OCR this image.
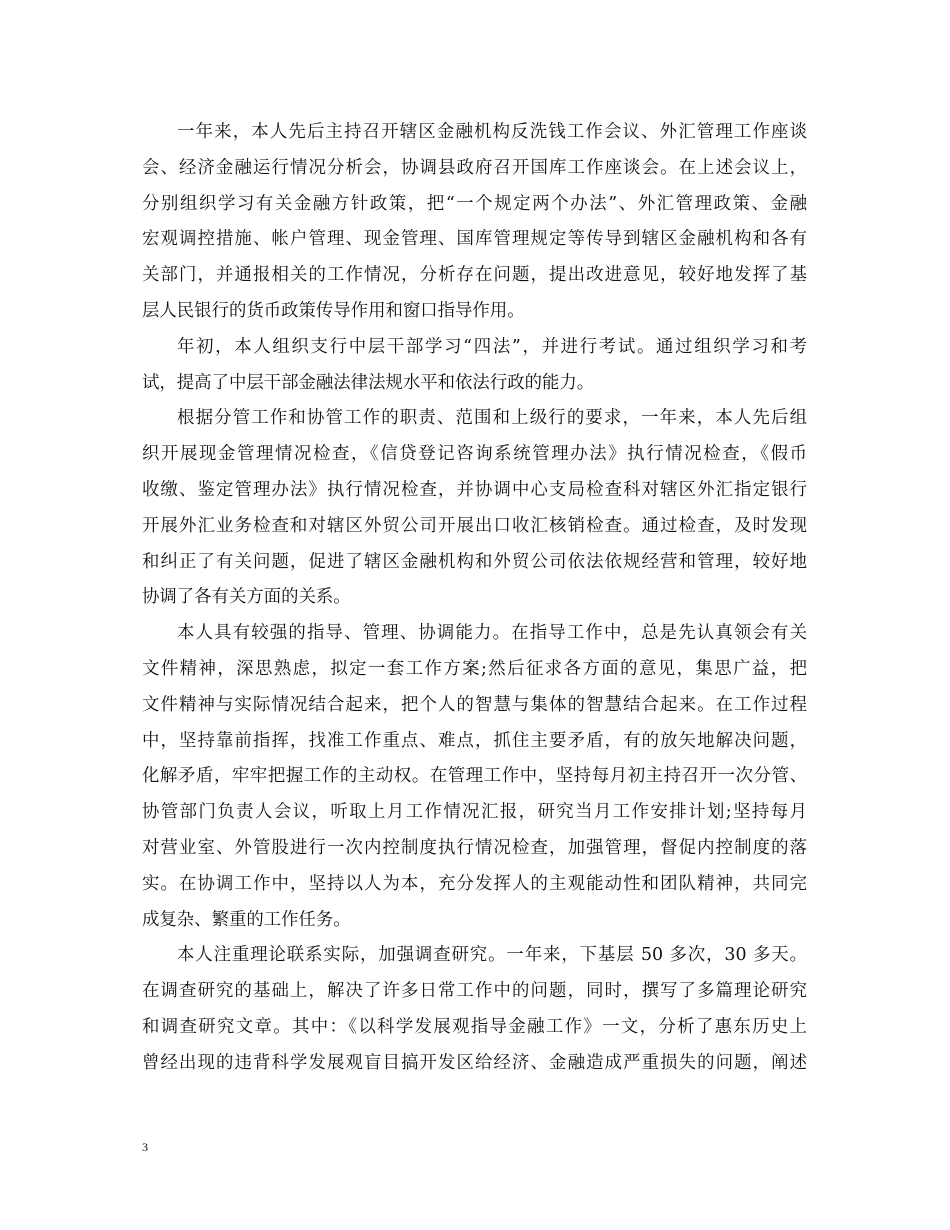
一年来，本人先后主持召开辖区金融机构反洗钱工作会议、外汇管理工作座谈
会、经济金融运行情况分析会，协调县政府召开国库工作座谈会。在上述会议上，
分别组织学习有关金融方针政策，把“一个规定两个办法”、外汇管理政策、金融
宏观调控措施、帐户管理、现金管理、国库管理规定等传导到辖区金融机构和各有
关部门，并通报相关的工作情况，分析存在问题，提出改进意见，较好地发挥了基
层人民银行的货币政策传导作用和窗口指导作用。
年初，本人组织支行中层干部学习“四法”，并进行考试。通过组织学习和考
试，提高了中层干部金融法律法规水平和依法行政的能力。
根据分管工作和协管工作的职责、范围和上级行的要求，一年来，本人先后组
织开展现金管理情况检查，《信贷登记咨询系统管理办法》执行情况检查，《假币
收缴、鉴定管理办法》执行情况检查，并协调中心支局检查科对辖区外汇指定银行
开展外汇业务检查和对辖区外贸公司开展出口收汇核销检查。通过检查，及时发现
和纠正了有关问题，促进了辖区金融机构和外贸公司依法依规经营和管理，较好地
协调了各有关方面的关系。
本人具有较强的指导、管理、协调能力。在指导工作中，总是先认真领会有关
文件精神，深思熟虑，拟定一套工作方案;然后征求各方面的意见，集思广益，把
文件精神与实际情况结合起来，把个人的智慧与集体的智慧结合起来。在工作过程
中，坚持靠前指挥，找准工作重点、难点，抓住主要矛盾，有的放矢地解决问题，
化解矛盾，牢牢把握工作的主动权。在管理工作中，坚持每月初主持召开一次分管、
协管部门负责人会议，听取上月工作情况汇报，研究当月工作安排计划;坚持每月
对营业室、外管股进行一次内控制度执行情况检查，加强管理，督促内控制度的落
实。在协调工作中，坚持以人为本，充分发挥人的主观能动性和团队精神，共同完
成复杂、繁重的工作任务。
本人注重理论联系实际，加强调查研究。一年来，下基层 50 多次，30 多天。
在调查研究的基础上，解决了许多日常工作中的问题，同时，撰写了多篇理论研究
和调查研究文章。其中：《以科学发展观指导金融工作》一文，分析了惠东历史上
曾经出现的违背科学发展观盲目搞开发区给经济、金融造成严重损失的问题，阐述
3
